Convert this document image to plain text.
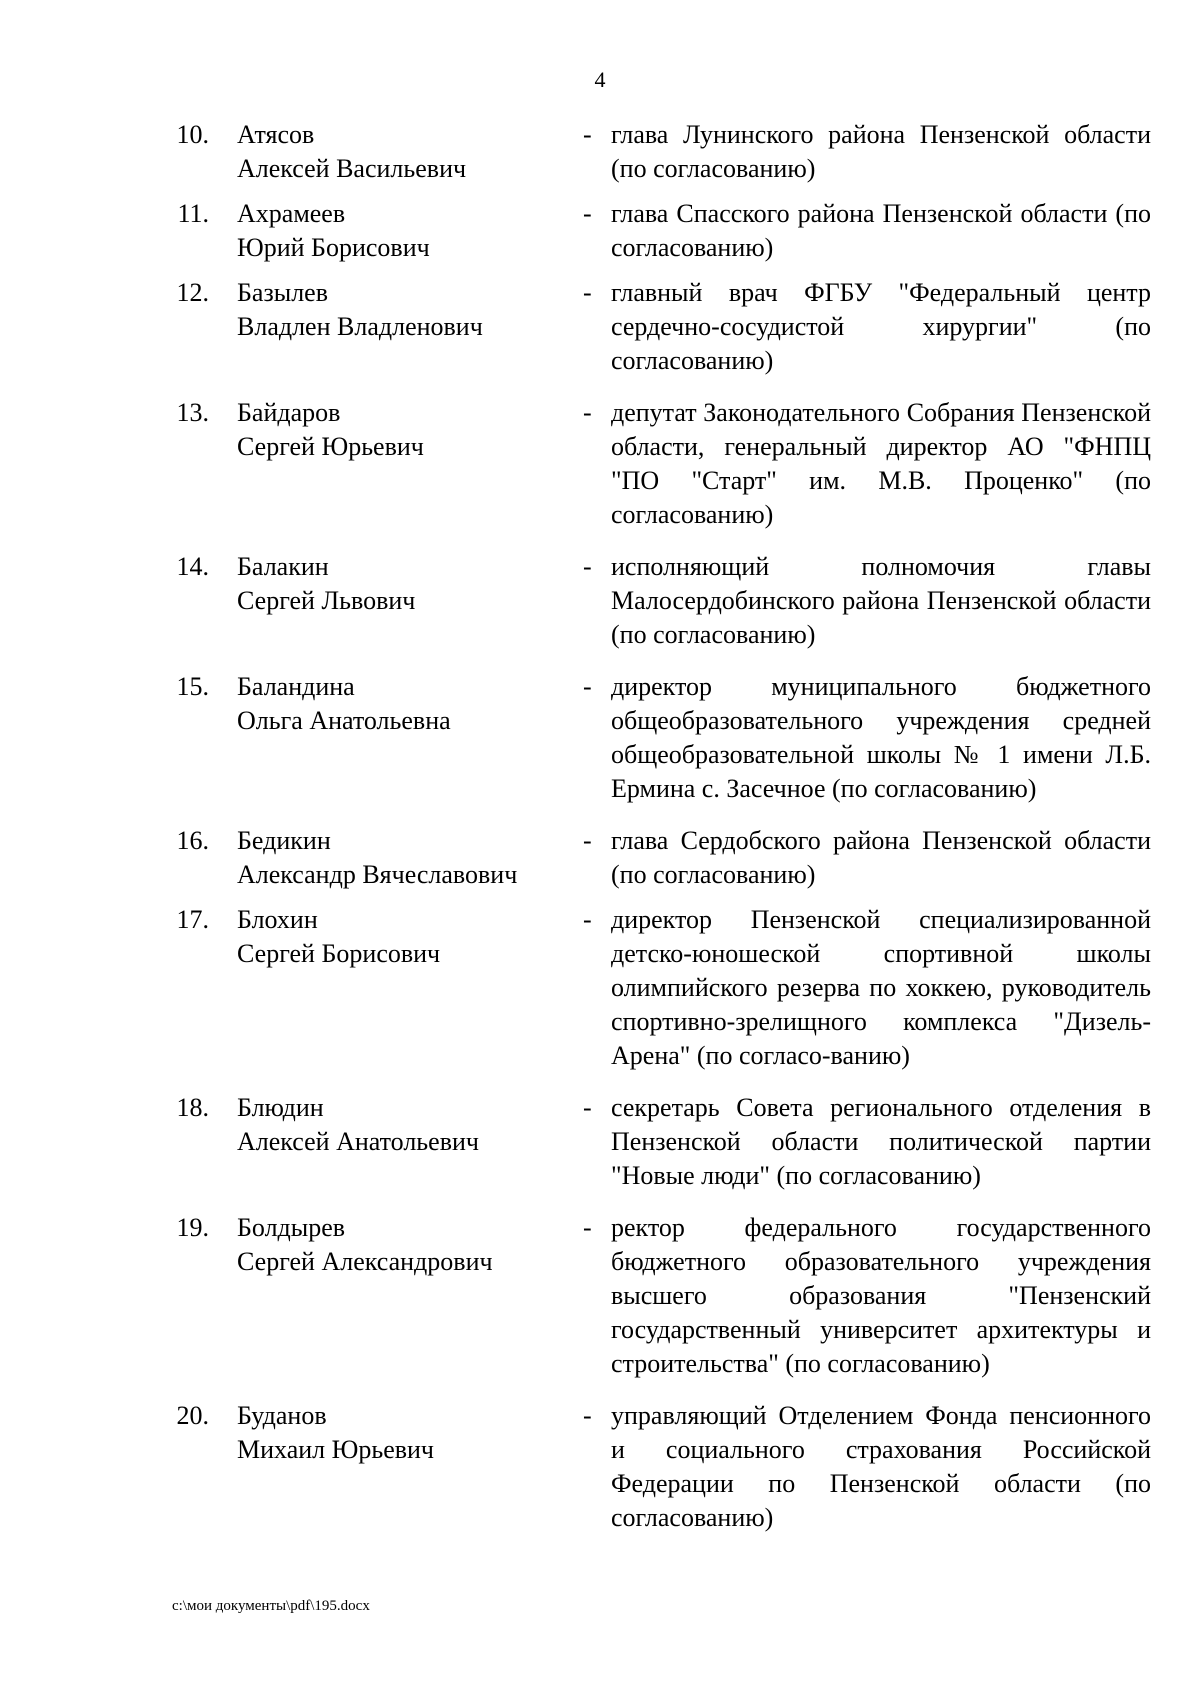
4
10. Атясов
Алексей Васильевич
- глава Лунинского района Пензенской области (по согласованию)
11. Ахрамеев
Юрий Борисович
- глава Спасского района Пензенской области (по согласованию)
12. Базылев
Владлен Владленович
- главный врач ФГБУ "Федеральный центр сердечно-сосудистой хирургии" (по согласованию)
13. Байдаров
Сергей Юрьевич
- депутат Законодательного Собрания Пензенской области, генеральный директор АО "ФНПЦ "ПО "Старт" им. М.В. Проценко" (по согласованию)
14. Балакин
Сергей Львович
- исполняющий полномочия главы Малосердобинского района Пензенской области (по согласованию)
15. Баландина
Ольга Анатольевна
- директор муниципального бюджетного общеобразовательного учреждения средней общеобразовательной школы № 1 имени Л.Б. Ермина с. Засечное (по согласованию)
16. Бедикин
Александр Вячеславович
- глава Сердобского района Пензенской области (по согласованию)
17. Блохин
Сергей Борисович
- директор Пензенской специализированной детско-юношеской спортивной школы олимпийского резерва по хоккею, руководитель спортивно-зрелищного комплекса "Дизель-Арена" (по согласо-ванию)
18. Блюдин
Алексей Анатольевич
- секретарь Совета регионального отделения в Пензенской области политической партии "Новые люди" (по согласованию)
19. Болдырев
Сергей Александрович
- ректор федерального государственного бюджетного образовательного учреждения высшего образования "Пензенский государственный университет архитектуры и строительства" (по согласованию)
20. Буданов
Михаил Юрьевич
- управляющий Отделением Фонда пенсионного и социального страхования Российской Федерации по Пензенской области (по согласованию)
c:\мои документы\pdf\195.docx
